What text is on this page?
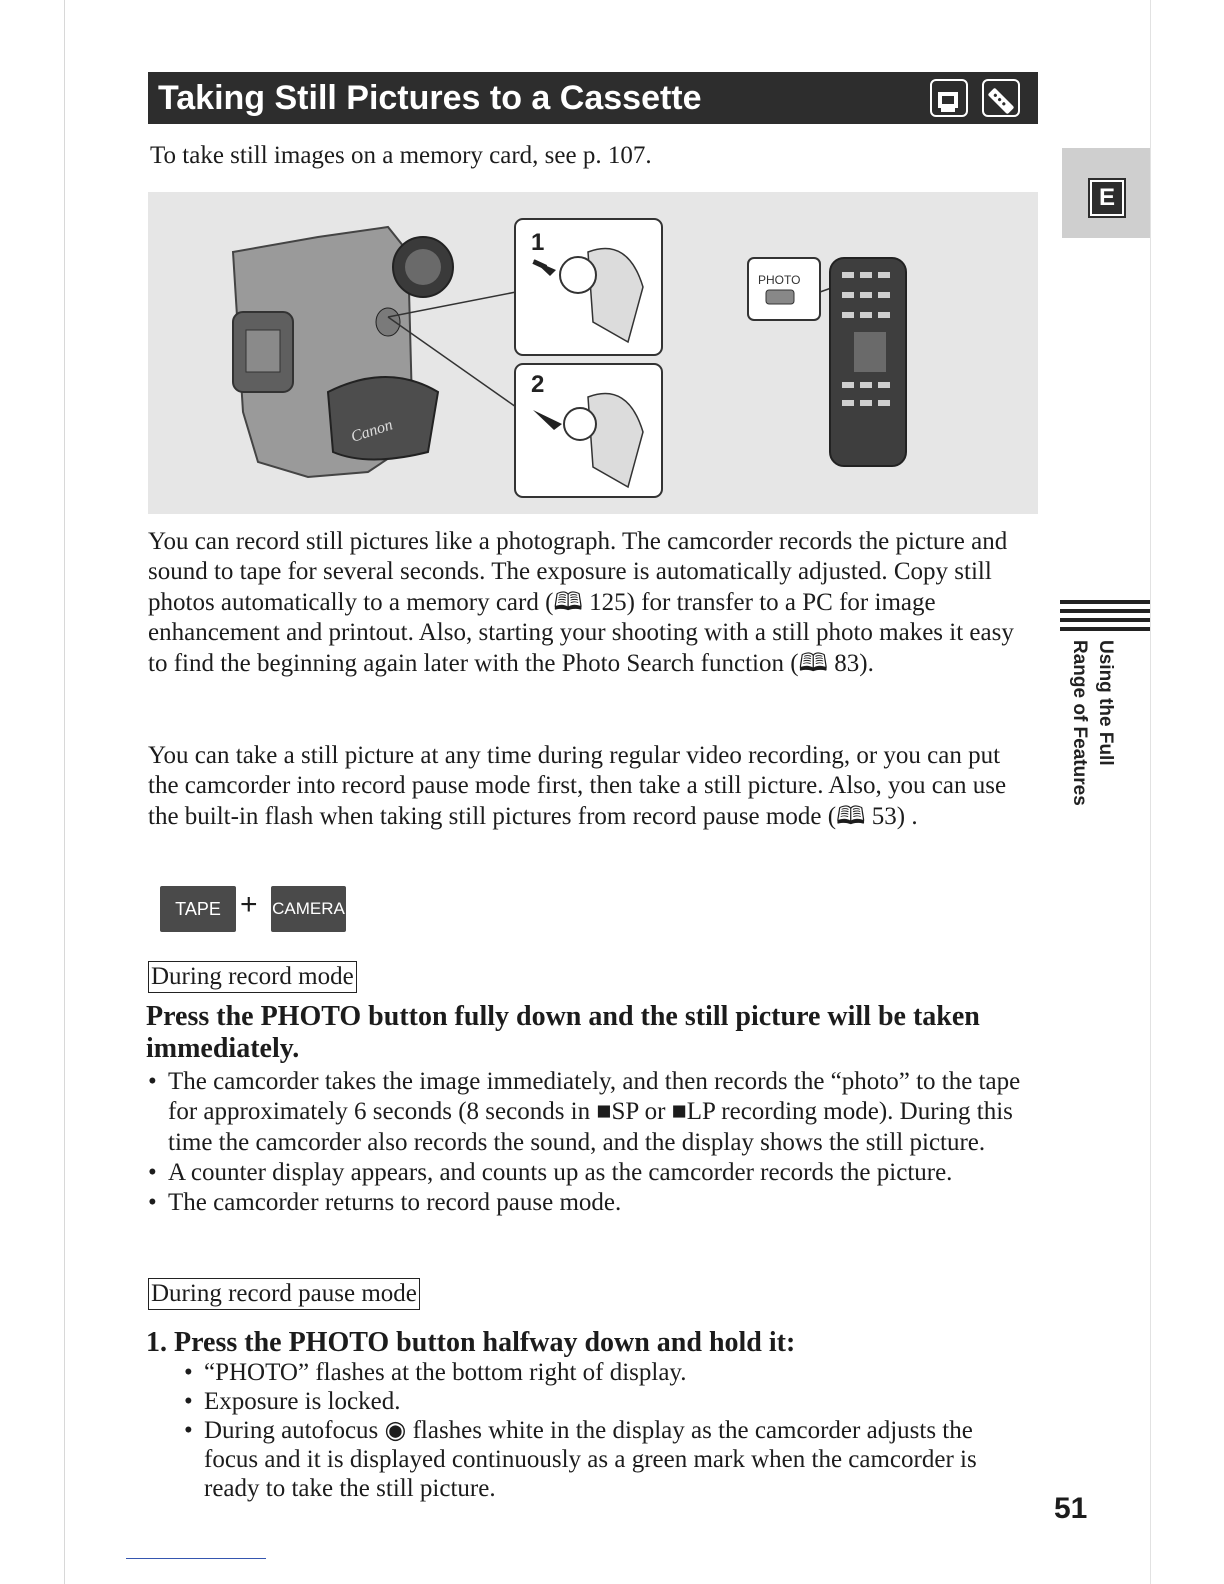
Taking Still Pictures to a Cassette
To take still images on a memory card, see p. 107.
E
Canon
1
2
PHOTO
Using the Full
Range of Features
You can record still pictures like a photograph. The camcorder records the picture and sound to tape for several seconds. The exposure is automatically adjusted. Copy still photos automatically to a memory card (🕮 125) for transfer to a PC for image enhancement and printout. Also, starting your shooting with a still photo makes it easy to find the beginning again later with the Photo Search function (🕮 83).
You can take a still picture at any time during regular video recording, or you can put the camcorder into record pause mode first, then take a still picture. Also, you can use the built-in flash when taking still pictures from record pause mode (🕮 53) .
TAPE + CAMERA
During record mode
Press the PHOTO button fully down and the still picture will be taken immediately.
• The camcorder takes the image immediately, and then records the “photo” to the tape for approximately 6 seconds (8 seconds in ■SP or ■LP recording mode). During this time the camcorder also records the sound, and the display shows the still picture.
• A counter display appears, and counts up as the camcorder records the picture.
• The camcorder returns to record pause mode.
During record pause mode
1. Press the PHOTO button halfway down and hold it:
• “PHOTO” flashes at the bottom right of display.
• Exposure is locked.
• During autofocus ◉ flashes white in the display as the camcorder adjusts the focus and it is displayed continuously as a green mark when the camcorder is ready to take the still picture.
51
